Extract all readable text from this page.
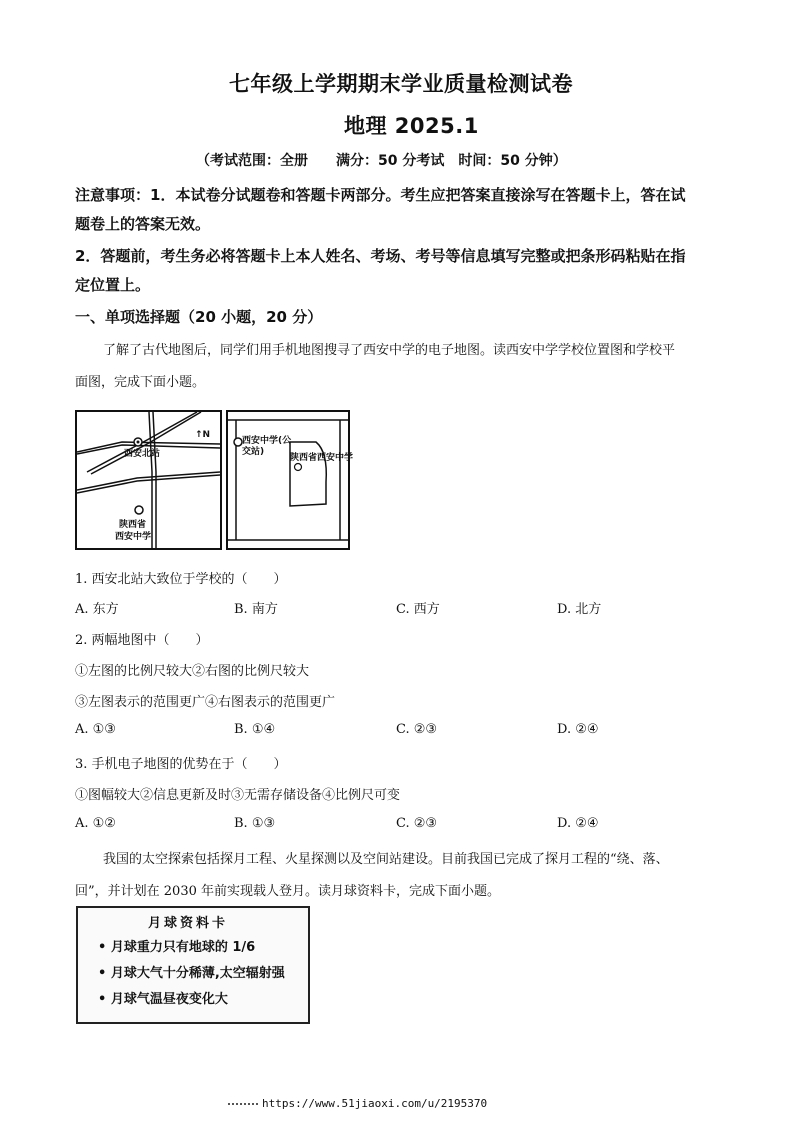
七年级上学期期末学业质量检测试卷
地理 2025.1
（考试范围：全册　　满分：50 分考试　时间：50 分钟）
注意事项：1．本试卷分试题卷和答题卡两部分。考生应把答案直接涂写在答题卡上，答在试
题卷上的答案无效。
2．答题前，考生务必将答题卡上本人姓名、考场、考号等信息填写完整或把条形码粘贴在指
定位置上。
一、单项选择题（20 小题，20 分）
了解了古代地图后，同学们用手机地图搜寻了西安中学的电子地图。读西安中学学校位置图和学校平
面图，完成下面小题。
↑N
西安北站
陕西省
西安中学
西安中学(公
交站)
陕西省西安中学
1. 西安北站大致位于学校的（　　）
A. 东方	B. 南方	C. 西方	D. 北方
2. 两幅地图中（　　）
①左图的比例尺较大②右图的比例尺较大
③左图表示的范围更广④右图表示的范围更广
A. ①③	B. ①④	C. ②③	D. ②④
3. 手机电子地图的优势在于（　　）
①图幅较大②信息更新及时③无需存储设备④比例尺可变
A. ①②	B. ①③	C. ②③	D. ②④
我国的太空探索包括探月工程、火星探测以及空间站建设。目前我国已完成了探月工程的“绕、落、
回”，并计划在 2030 年前实现载人登月。读月球资料卡，完成下面小题。
月球资料卡
• 月球重力只有地球的 1/6
• 月球大气十分稀薄,太空辐射强
• 月球气温昼夜变化大
https://www.51jiaoxi.com/u/2195370
